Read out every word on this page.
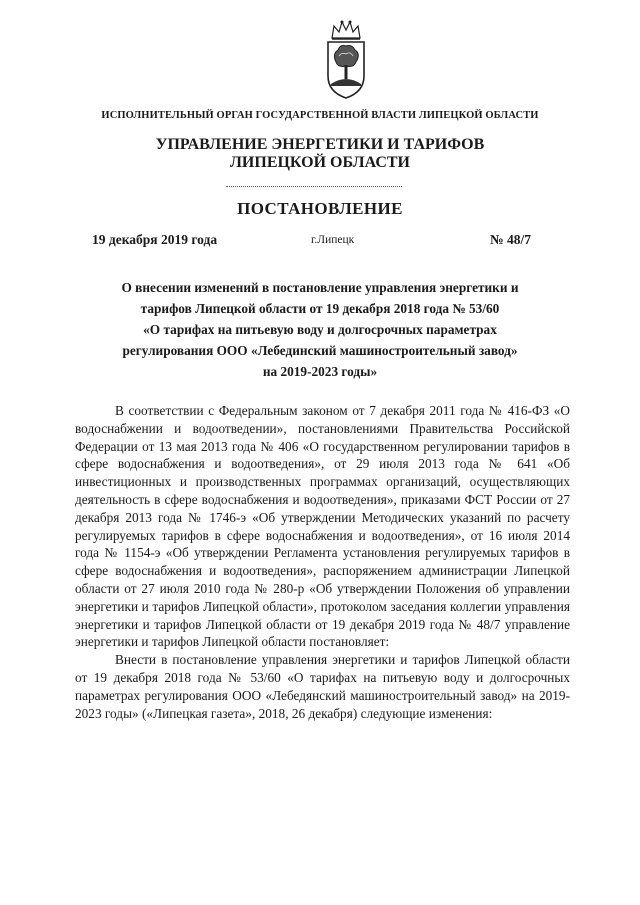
ИСПОЛНИТЕЛЬНЫЙ ОРГАН ГОСУДАРСТВЕННОЙ ВЛАСТИ ЛИПЕЦКОЙ ОБЛАСТИ
УПРАВЛЕНИЕ ЭНЕРГЕТИКИ И ТАРИФОВ
ЛИПЕЦКОЙ ОБЛАСТИ
ПОСТАНОВЛЕНИЕ
19 декабря 2019 года	г.Липецк	№ 48/7
О внесении изменений в постановление управления энергетики и
тарифов Липецкой области от 19 декабря 2018 года № 53/60
«О тарифах на питьевую воду и долгосрочных параметрах
регулирования ООО «Лебединский машиностроительный завод»
на 2019-2023 годы»

В соответствии с Федеральным законом от 7 декабря 2011 года № 416-ФЗ «О водоснабжении и водоотведении», постановлениями Правительства Российской Федерации от 13 мая 2013 года № 406 «О государственном регулировании тарифов в сфере водоснабжения и водоотведения», от 29 июля 2013 года № 641 «Об инвестиционных и производственных программах организаций, осуществляющих деятельность в сфере водоснабжения и водоотведения», приказами ФСТ России от 27 декабря 2013 года № 1746-э «Об утверждении Методических указаний по расчету регулируемых тарифов в сфере водоснабжения и водоотведения», от 16 июля 2014 года № 1154-э «Об утверждении Регламента установления регулируемых тарифов в сфере водоснабжения и водоотведения», распоряжением администрации Липецкой области от 27 июля 2010 года № 280-р «Об утверждении Положения об управлении энергетики и тарифов Липецкой области», протоколом заседания коллегии управления энергетики и тарифов Липецкой области от 19 декабря 2019 года № 48/7 управление энергетики и тарифов Липецкой области постановляет:

Внести в постановление управления энергетики и тарифов Липецкой области от 19 декабря 2018 года № 53/60 «О тарифах на питьевую воду и долгосрочных параметрах регулирования ООО «Лебедянский машиностроительный завод» на 2019-2023 годы» («Липецкая газета», 2018, 26 декабря) следующие изменения:
